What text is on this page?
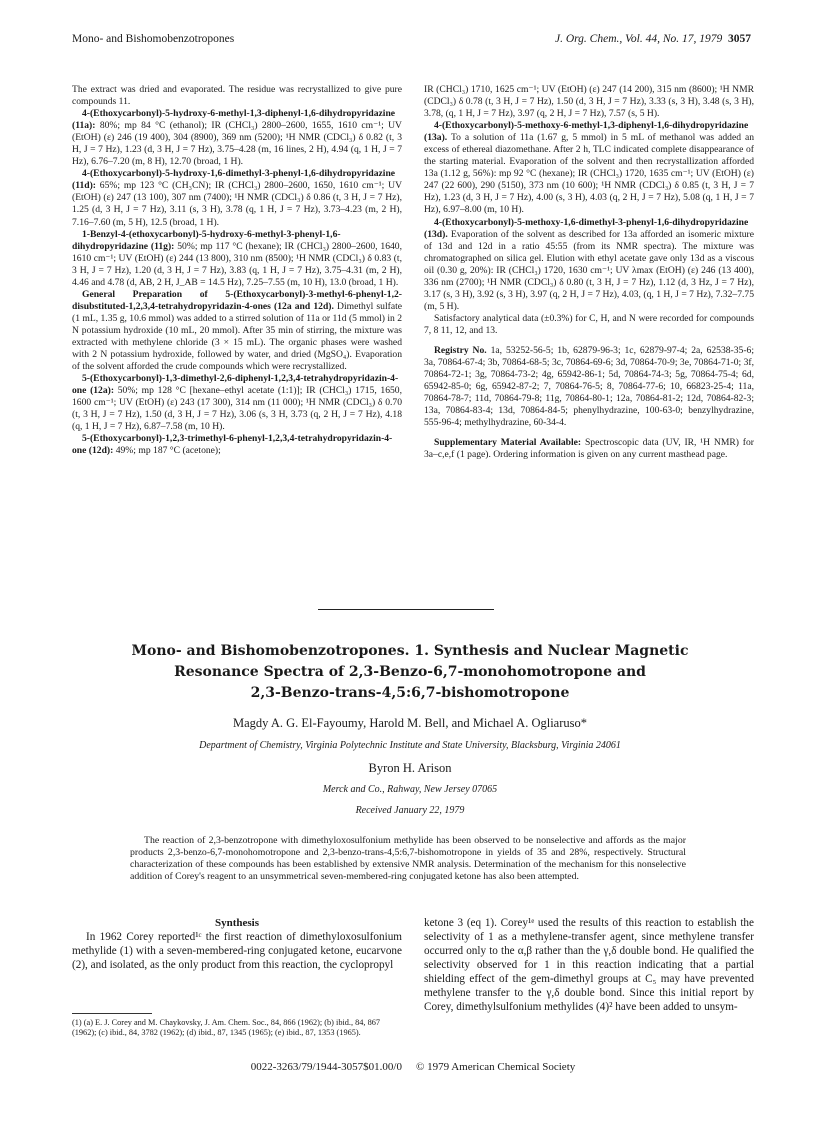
Mono- and Bishomobenzotropones	J. Org. Chem., Vol. 44, No. 17, 1979 3057

The extract was dried and evaporated. The residue was recrystallized to give pure compounds 11.

4-(Ethoxycarbonyl)-5-hydroxy-6-methyl-1,3-diphenyl-1,6-dihydropyridazine (11a): 80%; mp 84 °C (ethanol); IR (CHCl₃) 2800–2600, 1655, 1610 cm⁻¹; UV (EtOH) (ε) 246 (19 400), 304 (8900), 369 nm (5200); ¹H NMR (CDCl₃) δ 0.82 (t, 3 H, J = 7 Hz), 1.23 (d, 3 H, J = 7 Hz), 3.75–4.28 (m, 16 lines, 2 H), 4.94 (q, 1 H, J = 7 Hz), 6.76–7.20 (m, 8 H), 12.70 (broad, 1 H).

4-(Ethoxycarbonyl)-5-hydroxy-1,6-dimethyl-3-phenyl-1,6-dihydropyridazine (11d): 65%; mp 123 °C (CH₃CN); IR (CHCl₃) 2800–2600, 1650, 1610 cm⁻¹; UV (EtOH) (ε) 247 (13 100), 307 nm (7400); ¹H NMR (CDCl₃) δ 0.86 (t, 3 H, J = 7 Hz), 1.25 (d, 3 H, J = 7 Hz), 3.11 (s, 3 H), 3.78 (q, 1 H, J = 7 Hz), 3.73–4.23 (m, 2 H), 7.16–7.60 (m, 5 H), 12.5 (broad, 1 H).

1-Benzyl-4-(ethoxycarbonyl)-5-hydroxy-6-methyl-3-phenyl-1,6-dihydropyridazine (11g): 50%; mp 117 °C (hexane); IR (CHCl₃) 2800–2600, 1640, 1610 cm⁻¹; UV (EtOH) (ε) 244 (13 800), 310 nm (8500); ¹H NMR (CDCl₃) δ 0.83 (t, 3 H, J = 7 Hz), 1.20 (d, 3 H, J = 7 Hz), 3.83 (q, 1 H, J = 7 Hz), 3.75–4.31 (m, 2 H), 4.46 and 4.78 (d, AB, 2 H, J_AB = 14.5 Hz), 7.25–7.55 (m, 10 H), 13.0 (broad, 1 H).

General Preparation of 5-(Ethoxycarbonyl)-3-methyl-6-phenyl-1,2-disubstituted-1,2,3,4-tetrahydropyridazin-4-ones (12a and 12d). Dimethyl sulfate (1 mL, 1.35 g, 10.6 mmol) was added to a stirred solution of 11a or 11d (5 mmol) in 2 N potassium hydroxide (10 mL, 20 mmol). After 35 min of stirring, the mixture was extracted with methylene chloride (3 × 15 mL). The organic phases were washed with 2 N potassium hydroxide, followed by water, and dried (MgSO₄). Evaporation of the solvent afforded the crude compounds which were recrystallized.

5-(Ethoxycarbonyl)-1,3-dimethyl-2,6-diphenyl-1,2,3,4-tetrahydropyridazin-4-one (12a): 50%; mp 128 °C [hexane–ethyl acetate (1:1)]; IR (CHCl₃) 1715, 1650, 1600 cm⁻¹; UV (EtOH) (ε) 243 (17 300), 314 nm (11 000); ¹H NMR (CDCl₃) δ 0.70 (t, 3 H, J = 7 Hz), 1.50 (d, 3 H, J = 7 Hz), 3.06 (s, 3 H, 3.73 (q, 2 H, J = 7 Hz), 4.18 (q, 1 H, J = 7 Hz), 6.87–7.58 (m, 10 H).

5-(Ethoxycarbonyl)-1,2,3-trimethyl-6-phenyl-1,2,3,4-tetrahydropyridazin-4-one (12d): 49%; mp 187 °C (acetone);

IR (CHCl₃) 1710, 1625 cm⁻¹; UV (EtOH) (ε) 247 (14 200), 315 nm (8600); ¹H NMR (CDCl₃) δ 0.78 (t, 3 H, J = 7 Hz), 1.50 (d, 3 H, J = 7 Hz), 3.33 (s, 3 H), 3.48 (s, 3 H), 3.78, (q, 1 H, J = 7 Hz), 3.97 (q, 2 H, J = 7 Hz), 7.57 (s, 5 H).

4-(Ethoxycarbonyl)-5-methoxy-6-methyl-1,3-diphenyl-1,6-dihydropyridazine (13a). To a solution of 11a (1.67 g, 5 mmol) in 5 mL of methanol was added an excess of ethereal diazomethane. After 2 h, TLC indicated complete disappearance of the starting material. Evaporation of the solvent and then recrystallization afforded 13a (1.12 g, 56%): mp 92 °C (hexane); IR (CHCl₃) 1720, 1635 cm⁻¹; UV (EtOH) (ε) 247 (22 600), 290 (5150), 373 nm (10 600); ¹H NMR (CDCl₃) δ 0.85 (t, 3 H, J = 7 Hz), 1.23 (d, 3 H, J = 7 Hz), 4.00 (s, 3 H), 4.03 (q, 2 H, J = 7 Hz), 5.08 (q, 1 H, J = 7 Hz), 6.97–8.00 (m, 10 H).

4-(Ethoxycarbonyl)-5-methoxy-1,6-dimethyl-3-phenyl-1,6-dihydropyridazine (13d). Evaporation of the solvent as described for 13a afforded an isomeric mixture of 13d and 12d in a ratio 45:55 (from its NMR spectra). The mixture was chromatographed on silica gel. Elution with ethyl acetate gave only 13d as a viscous oil (0.30 g, 20%): IR (CHCl₃) 1720, 1630 cm⁻¹; UV λmax (EtOH) (ε) 246 (13 400), 336 nm (2700); ¹H NMR (CDCl₃) δ 0.80 (t, 3 H, J = 7 Hz), 1.12 (d, 3 Hz, J = 7 Hz), 3.17 (s, 3 H), 3.92 (s, 3 H), 3.97 (q, 2 H, J = 7 Hz), 4.03, (q, 1 H, J = 7 Hz), 7.32–7.75 (m, 5 H).

Satisfactory analytical data (±0.3%) for C, H, and N were recorded for compounds 7, 8 11, 12, and 13.

Registry No. 1a, 53252-56-5; 1b, 62879-96-3; 1c, 62879-97-4; 2a, 62538-35-6; 3a, 70864-67-4; 3b, 70864-68-5; 3c, 70864-69-6; 3d, 70864-70-9; 3e, 70864-71-0; 3f, 70864-72-1; 3g, 70864-73-2; 4g, 65942-86-1; 5d, 70864-74-3; 5g, 70864-75-4; 6d, 65942-85-0; 6g, 65942-87-2; 7, 70864-76-5; 8, 70864-77-6; 10, 66823-25-4; 11a, 70864-78-7; 11d, 70864-79-8; 11g, 70864-80-1; 12a, 70864-81-2; 12d, 70864-82-3; 13a, 70864-83-4; 13d, 70864-84-5; phenylhydrazine, 100-63-0; benzylhydrazine, 555-96-4; methylhydrazine, 60-34-4.

Supplementary Material Available: Spectroscopic data (UV, IR, ¹H NMR) for 3a–c,e,f (1 page). Ordering information is given on any current masthead page.

Mono- and Bishomobenzotropones. 1. Synthesis and Nuclear Magnetic
Resonance Spectra of 2,3-Benzo-6,7-monohomotropone and
2,3-Benzo-trans-4,5:6,7-bishomotropone
Magdy A. G. El-Fayoumy, Harold M. Bell, and Michael A. Ogliaruso*
Department of Chemistry, Virginia Polytechnic Institute and State University, Blacksburg, Virginia 24061
Byron H. Arison
Merck and Co., Rahway, New Jersey 07065
Received January 22, 1979
The reaction of 2,3-benzotropone with dimethyloxosulfonium methylide has been observed to be nonselective and affords as the major products 2,3-benzo-6,7-monohomotropone and 2,3-benzo-trans-4,5:6,7-bishomotropone in yields of 35 and 28%, respectively. Structural characterization of these compounds has been established by extensive NMR analysis. Determination of the mechanism for this nonselective addition of Corey's reagent to an unsymmetrical seven-membered-ring conjugated ketone has also been attempted.
Synthesis
In 1962 Corey reported¹ᶜ the first reaction of dimethyloxosulfonium methylide (1) with a seven-membered-ring conjugated ketone, eucarvone (2), and isolated, as the only product from this reaction, the cyclopropyl
ketone 3 (eq 1). Corey¹ᵉ used the results of this reaction to establish the selectivity of 1 as a methylene-transfer agent, since methylene transfer occurred only to the α,β rather than the γ,δ double bond. He qualified the selectivity observed for 1 in this reaction indicating that a partial shielding effect of the gem-dimethyl groups at C₅ may have prevented methylene transfer to the γ,δ double bond. Since this initial report by Corey, dimethylsulfonium methylides (4)² have been added to unsym-
(1) (a) E. J. Corey and M. Chaykovsky, J. Am. Chem. Soc., 84, 866 (1962); (b) ibid., 84, 867 (1962); (c) ibid., 84, 3782 (1962); (d) ibid., 87, 1345 (1965); (e) ibid., 87, 1353 (1965).
0022-3263/79/1944-3057$01.00/0 © 1979 American Chemical Society
